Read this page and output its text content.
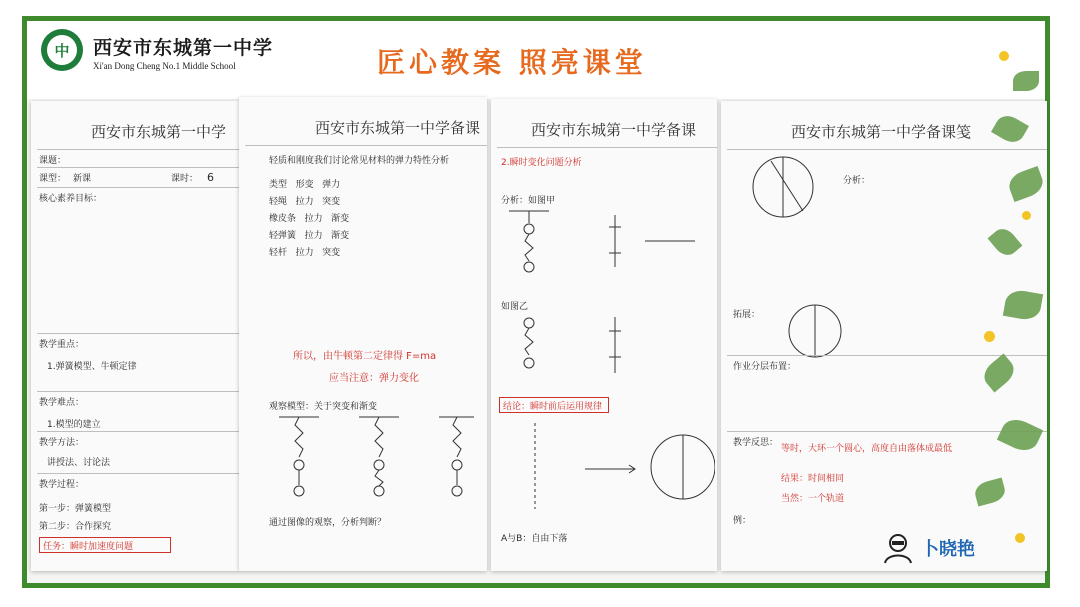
中	西安市东城第一中学
Xi'an Dong Cheng No.1 Middle School	匠心教案 照亮课堂
西安市东城第一中学
课题：
课型： 新课	课时： 6
核心素养目标：
教学重点：
1.弹簧模型、牛顿定律
教学难点：
1.模型的建立
教学方法：
讲授法、讨论法
教学过程：
第一步：弹簧模型
第二步：合作探究
任务：瞬时加速度问题
西安市东城第一中学备课
轻质和刚度我们讨论常见材料的弹力特性分析
类型   形变   弹力
轻绳   拉力   突变
橡皮条   拉力   渐变
轻弹簧   拉力   渐变
轻杆   拉力   突变
所以，由牛顿第二定律得 F=ma
应当注意：弹力变化
观察模型：关于突变和渐变
通过图像的观察，分析判断？
西安市东城第一中学备课
2.瞬时变化问题分析
分析：如图甲
如图乙
结论：瞬时前后运用规律
A与B：自由下落
西安市东城第一中学备课笺
分析：
拓展：
作业分层布置：
教学反思：
等时，大环一个圆心，高度自由落体成最低
结果：时间相同
当然：一个轨道
例：
卜晓艳
